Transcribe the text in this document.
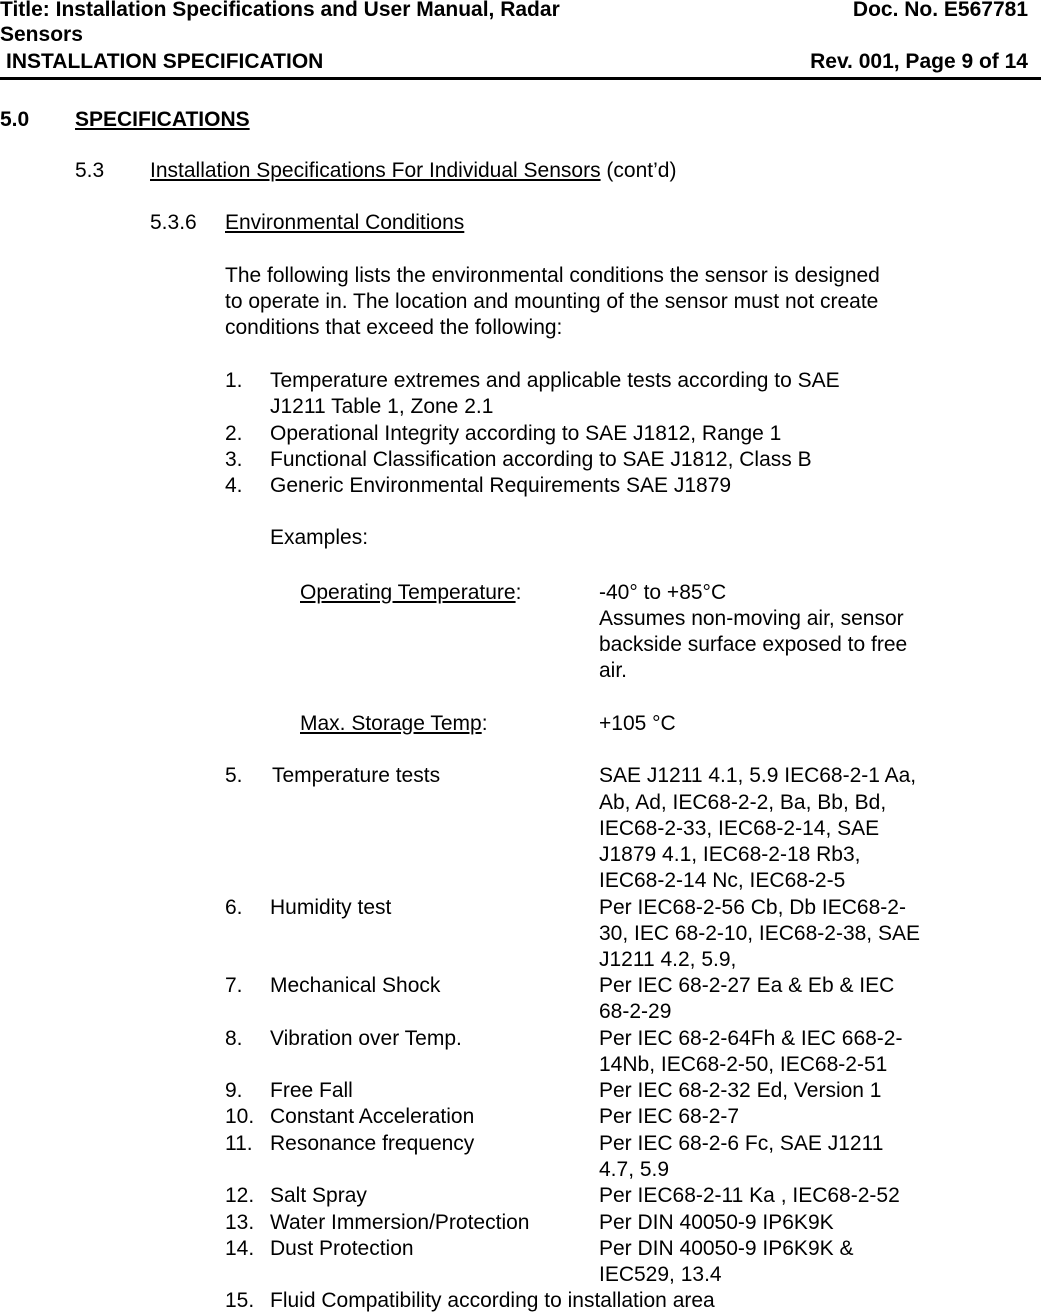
Title: Installation Specifications and User Manual, Radar
Sensors
Doc. No. E567781
INSTALLATION SPECIFICATION	Rev. 001, Page 9 of 14
5.0 SPECIFICATIONS
5.3 Installation Specifications For Individual Sensors (cont’d)
5.3.6 Environmental Conditions
The following lists the environmental conditions the sensor is designed
to operate in. The location and mounting of the sensor must not create
conditions that exceed the following:
1. Temperature extremes and applicable tests according to SAE
J1211 Table 1, Zone 2.1
2. Operational Integrity according to SAE J1812, Range 1
3. Functional Classification according to SAE J1812, Class B
4. Generic Environmental Requirements SAE J1879
Examples:
Operating Temperature:	-40° to +85°C
Assumes non-moving air, sensor
backside surface exposed to free
air.
Max. Storage Temp:	+105 °C
5. Temperature tests	SAE J1211 4.1, 5.9 IEC68-2-1 Aa,
Ab, Ad, IEC68-2-2, Ba, Bb, Bd,
IEC68-2-33, IEC68-2-14, SAE
J1879 4.1, IEC68-2-18 Rb3,
IEC68-2-14 Nc, IEC68-2-5
6. Humidity test	Per IEC68-2-56 Cb, Db IEC68-2-
30, IEC 68-2-10, IEC68-2-38, SAE
J1211 4.2, 5.9,
7. Mechanical Shock	Per IEC 68-2-27 Ea & Eb & IEC
68-2-29
8. Vibration over Temp.	Per IEC 68-2-64Fh & IEC 668-2-
14Nb, IEC68-2-50, IEC68-2-51
9. Free Fall	Per IEC 68-2-32 Ed, Version 1
10. Constant Acceleration	Per IEC 68-2-7
11. Resonance frequency	Per IEC 68-2-6 Fc, SAE J1211
4.7, 5.9
12. Salt Spray	Per IEC68-2-11 Ka , IEC68-2-52
13. Water Immersion/Protection	Per DIN 40050-9 IP6K9K
14. Dust Protection	Per DIN 40050-9 IP6K9K &
IEC529, 13.4
15. Fluid Compatibility according to installation area
